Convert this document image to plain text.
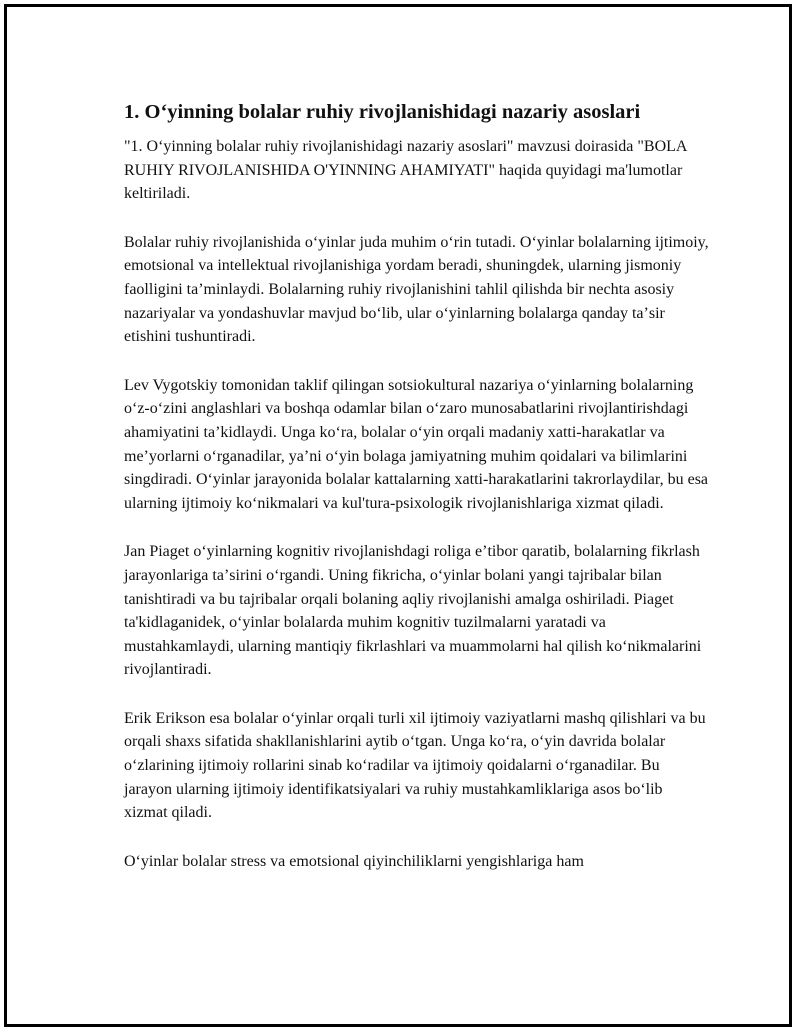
1. Oʻyinning bolalar ruhiy rivojlanishidagi nazariy asoslari

"1. Oʻyinning bolalar ruhiy rivojlanishidagi nazariy asoslari" mavzusi doirasida "BOLA RUHIY RIVOJLANISHIDA O'YINNING AHAMIYATI" haqida quyidagi ma'lumotlar keltiriladi.

Bolalar ruhiy rivojlanishida oʻyinlar juda muhim oʻrin tutadi. Oʻyinlar bolalarning ijtimoiy, emotsional va intellektual rivojlanishiga yordam beradi, shuningdek, ularning jismoniy faolligini taʼminlaydi. Bolalarning ruhiy rivojlanishini tahlil qilishda bir nechta asosiy nazariyalar va yondashuvlar mavjud boʻlib, ular oʻyinlarning bolalarga qanday taʼsir etishini tushuntiradi.

Lev Vygotskiy tomonidan taklif qilingan sotsiokultural nazariya oʻyinlarning bolalarning oʻz-oʻzini anglashlari va boshqa odamlar bilan oʻzaro munosabatlarini rivojlantirishdagi ahamiyatini taʼkidlaydi. Unga koʻra, bolalar oʻyin orqali madaniy xatti-harakatlar va meʼyorlarni oʻrganadilar, yaʼni oʻyin bolaga jamiyatning muhim qoidalari va bilimlarini singdiradi. Oʻyinlar jarayonida bolalar kattalarning xatti-harakatlarini takrorlaydilar, bu esa ularning ijtimoiy koʻnikmalari va kul'tura-psixologik rivojlanishlariga xizmat qiladi.

Jan Piaget oʻyinlarning kognitiv rivojlanishdagi roliga eʼtibor qaratib, bolalarning fikrlash jarayonlariga taʼsirini oʻrgandi. Uning fikricha, oʻyinlar bolani yangi tajribalar bilan tanishtiradi va bu tajribalar orqali bolaning aqliy rivojlanishi amalga oshiriladi. Piaget ta'kidlaganidek, oʻyinlar bolalarda muhim kognitiv tuzilmalarni yaratadi va mustahkamlaydi, ularning mantiqiy fikrlashlari va muammolarni hal qilish koʻnikmalarini rivojlantiradi.

Erik Erikson esa bolalar oʻyinlar orqali turli xil ijtimoiy vaziyatlarni mashq qilishlari va bu orqali shaxs sifatida shakllanishlarini aytib oʻtgan. Unga koʻra, oʻyin davrida bolalar oʻzlarining ijtimoiy rollarini sinab koʻradilar va ijtimoiy qoidalarni oʻrganadilar. Bu jarayon ularning ijtimoiy identifikatsiyalari va ruhiy mustahkamliklariga asos boʻlib xizmat qiladi.

Oʻyinlar bolalar stress va emotsional qiyinchiliklarni yengishlariga ham
